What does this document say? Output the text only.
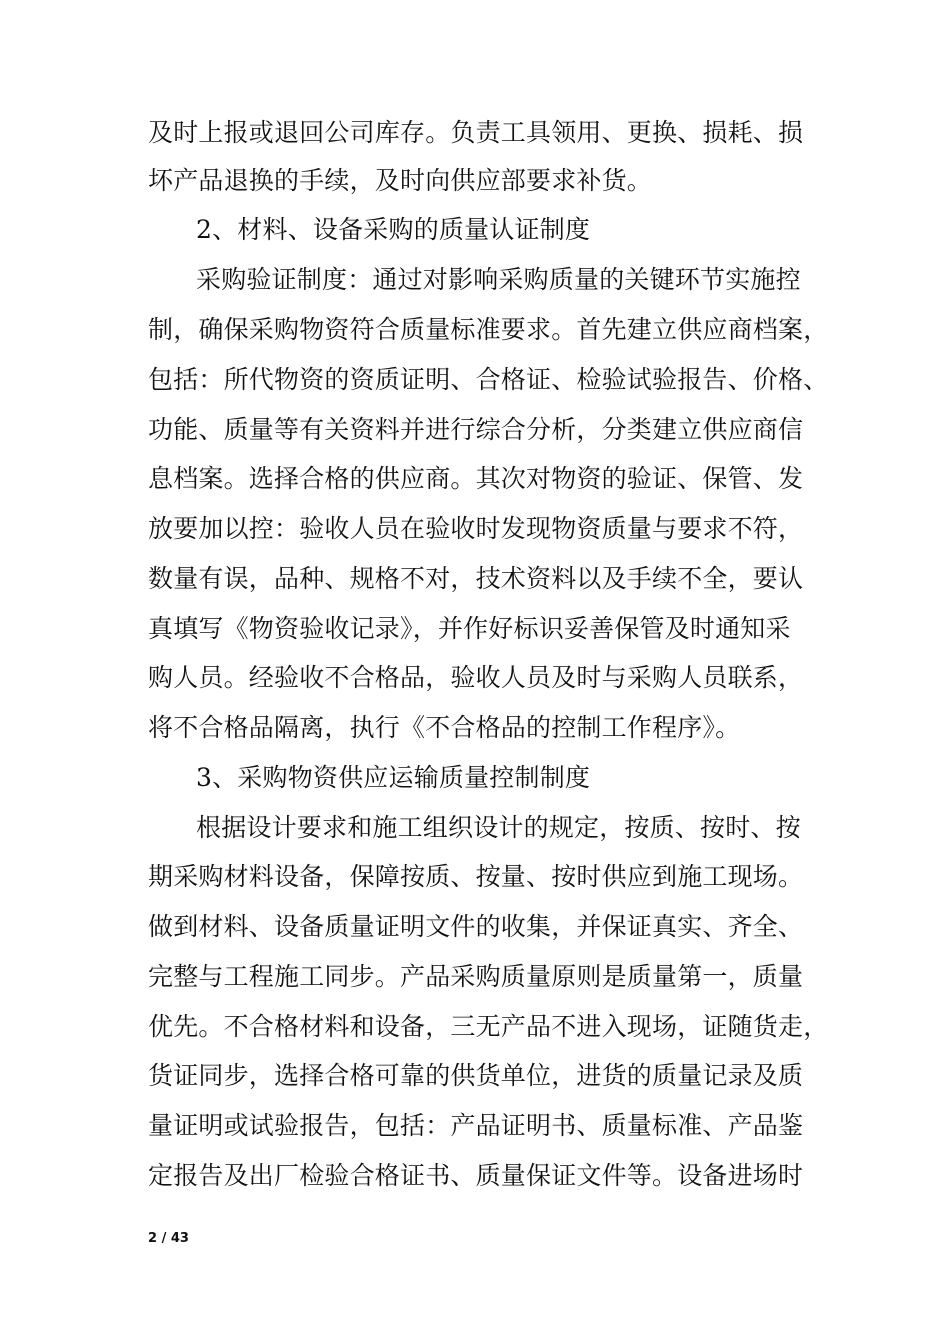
及时上报或退回公司库存。负责工具领用、更换、损耗、损
坏产品退换的手续，及时向供应部要求补货。
2、材料、设备采购的质量认证制度
采购验证制度：通过对影响采购质量的关键环节实施控
制，确保采购物资符合质量标准要求。首先建立供应商档案，
包括：所代物资的资质证明、合格证、检验试验报告、价格、
功能、质量等有关资料并进行综合分析，分类建立供应商信
息档案。选择合格的供应商。其次对物资的验证、保管、发
放要加以控：验收人员在验收时发现物资质量与要求不符，
数量有误，品种、规格不对，技术资料以及手续不全，要认
真填写《物资验收记录》，并作好标识妥善保管及时通知采
购人员。经验收不合格品，验收人员及时与采购人员联系，
将不合格品隔离，执行《不合格品的控制工作程序》。
3、采购物资供应运输质量控制制度
根据设计要求和施工组织设计的规定，按质、按时、按
期采购材料设备，保障按质、按量、按时供应到施工现场。
做到材料、设备质量证明文件的收集，并保证真实、齐全、
完整与工程施工同步。产品采购质量原则是质量第一，质量
优先。不合格材料和设备，三无产品不进入现场，证随货走，
货证同步，选择合格可靠的供货单位，进货的质量记录及质
量证明或试验报告，包括：产品证明书、质量标准、产品鉴
定报告及出厂检验合格证书、质量保证文件等。设备进场时
2 / 43
